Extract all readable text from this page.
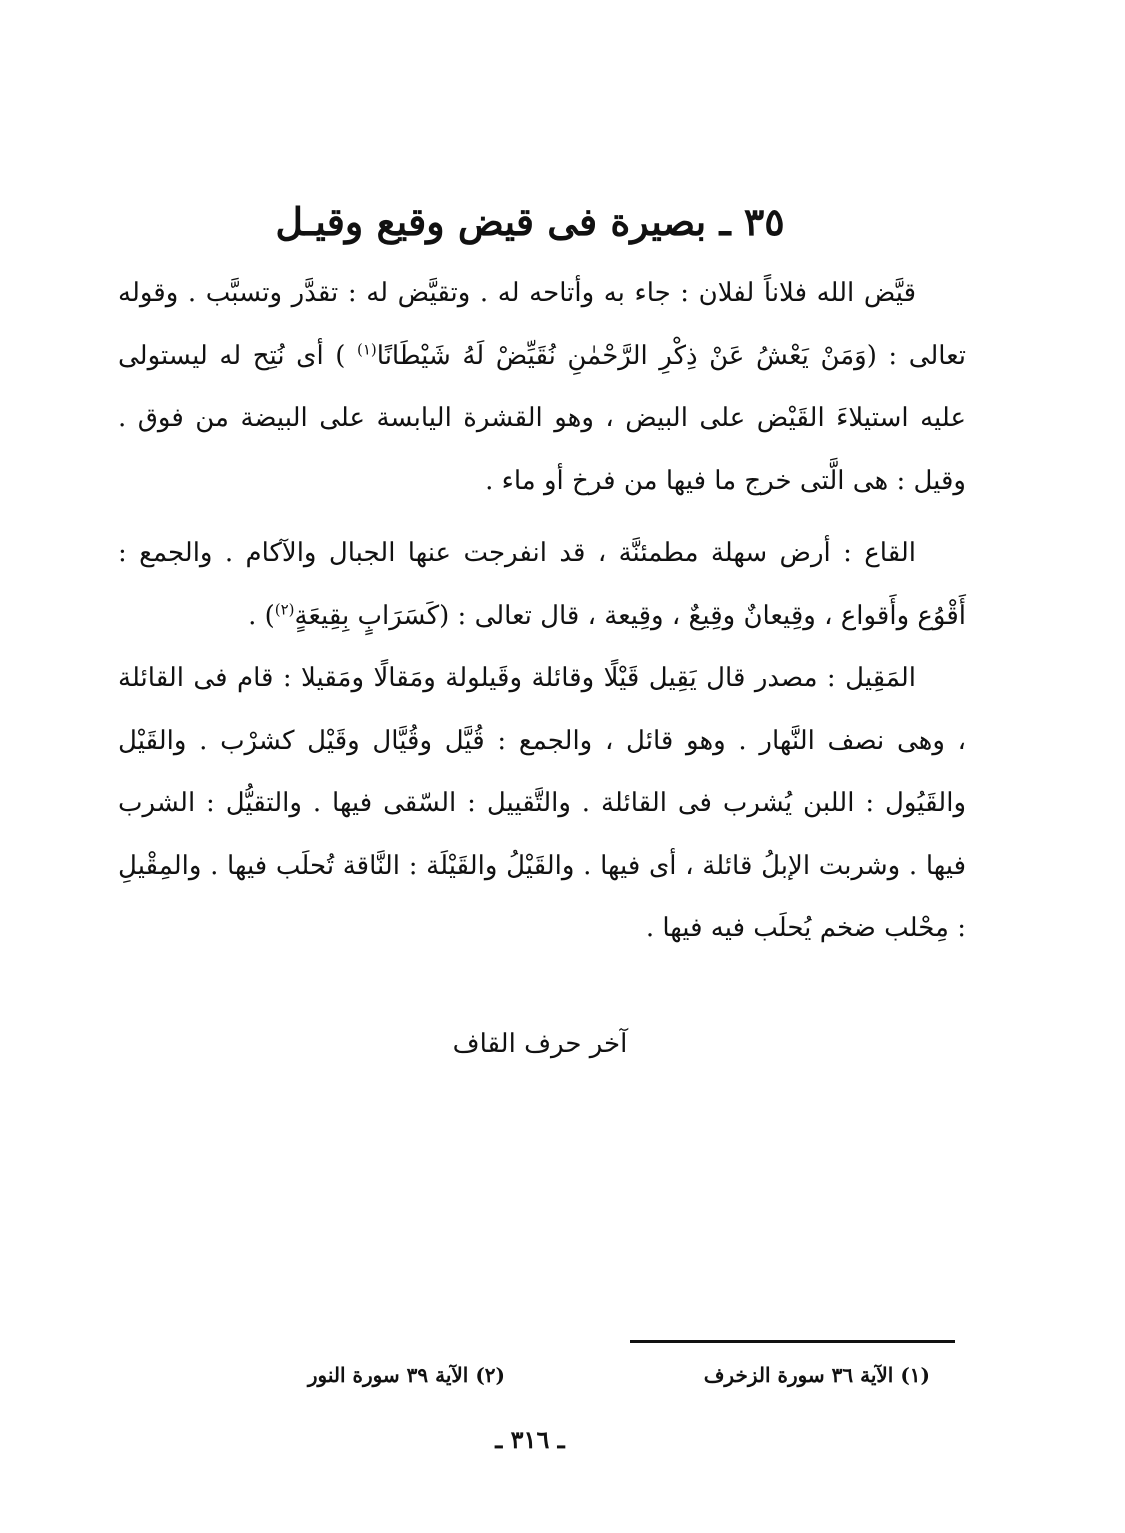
٣٥ ـ بصيرة فى قيض وقيع وقيـل

قيَّض الله فلاناً لفلان : جاء به وأتاحه له . وتقيَّض له : تقدَّر وتسبَّب . وقوله تعالى : (وَمَنْ يَعْشُ عَنْ ذِكْرِ الرَّحْمٰنِ نُقَيِّضْ لَهُ شَيْطَانًا$^{(١)}$ ) أى نُتِح له ليستولى عليه استيلاءَ القَيْض على البيض ، وهو القشرة اليابسة على البيضة من فوق . وقيل : هى الَّتى خرج ما فيها من فرخ أو ماء .

القاع : أرض سهلة مطمئنَّة ، قد انفرجت عنها الجبال والآكام . والجمع : أَقْوُع وأَقواع ، وقِيعانٌ وقِيعٌ ، وقِيعة ، قال تعالى : (كَسَرَابٍ بِقِيعَةٍ$^{(٢)}$) .

المَقِيل : مصدر قال يَقِيل قَيْلًا وقائلة وقَيلولة ومَقالًا ومَقيلا : قام فى القائلة ، وهى نصف النَّهار . وهو قائل ، والجمع : قُيَّل وقُيَّال وقَيْل كشرْب . والقَيْل والقَيُول : اللبن يُشرب فى القائلة . والتَّقييل : السّقى فيها . والتقيُّل : الشرب فيها . وشربت الإبلُ قائلة ، أى فيها . والقَيْلُ والقَيْلَة : النَّاقة تُحلَب فيها . والمِقْيلِ : مِحْلب ضخم يُحلَب فيه فيها .

آخر حرف القاف
(١) الآية ٣٦ سورة الزخرف
(٢) الآية ٣٩ سورة النور
ـ ٣١٦ ـ
